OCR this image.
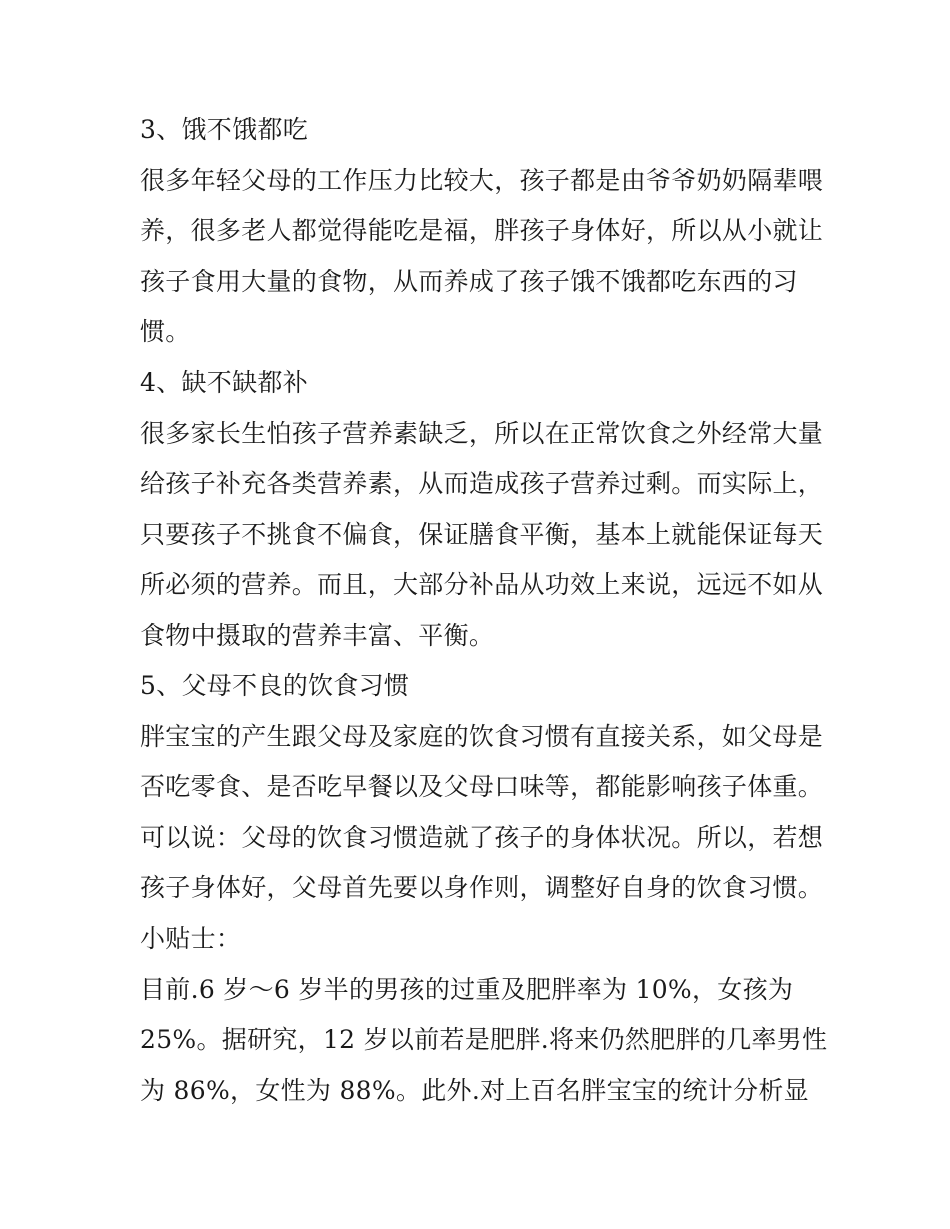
3、饿不饿都吃
很多年轻父母的工作压力比较大，孩子都是由爷爷奶奶隔辈喂
养，很多老人都觉得能吃是福，胖孩子身体好，所以从小就让
孩子食用大量的食物，从而养成了孩子饿不饿都吃东西的习
惯。
4、缺不缺都补
很多家长生怕孩子营养素缺乏，所以在正常饮食之外经常大量
给孩子补充各类营养素，从而造成孩子营养过剩。而实际上，
只要孩子不挑食不偏食，保证膳食平衡，基本上就能保证每天
所必须的营养。而且，大部分补品从功效上来说，远远不如从
食物中摄取的营养丰富、平衡。
5、父母不良的饮食习惯
胖宝宝的产生跟父母及家庭的饮食习惯有直接关系，如父母是
否吃零食、是否吃早餐以及父母口味等，都能影响孩子体重。
可以说：父母的饮食习惯造就了孩子的身体状况。所以，若想
孩子身体好，父母首先要以身作则，调整好自身的饮食习惯。
小贴士：
目前.6 岁～6 岁半的男孩的过重及肥胖率为 10%，女孩为
25%。据研究，12 岁以前若是肥胖.将来仍然肥胖的几率男性
为 86%，女性为 88%。此外.对上百名胖宝宝的统计分析显
